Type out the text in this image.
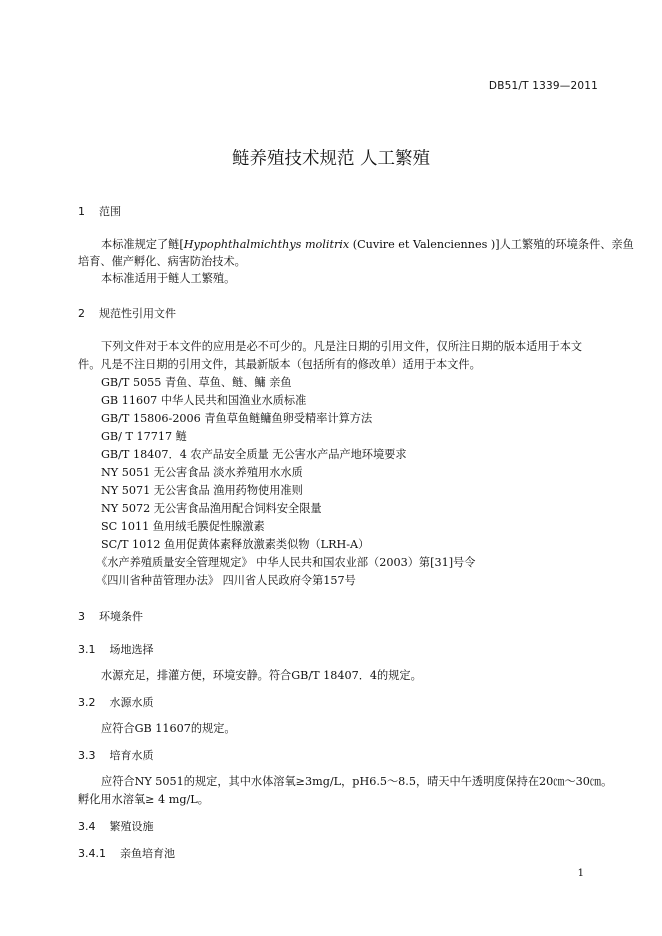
DB51/T 1339—2011
鲢养殖技术规范 人工繁殖
1 范围
本标准规定了鲢[Hypophthalmichthys molitrix (Cuvire et Valenciennes )]人工繁殖的环境条件、亲鱼
培育、催产孵化、病害防治技术。
本标准适用于鲢人工繁殖。
2 规范性引用文件
下列文件对于本文件的应用是必不可少的。凡是注日期的引用文件，仅所注日期的版本适用于本文
件。凡是不注日期的引用文件，其最新版本（包括所有的修改单）适用于本文件。
GB/T 5055 青鱼、草鱼、鲢、鳙 亲鱼
GB 11607 中华人民共和国渔业水质标准
GB/T 15806-2006 青鱼草鱼鲢鳙鱼卵受精率计算方法
GB/ T 17717 鲢
GB/T 18407．4 农产品安全质量 无公害水产品产地环境要求
NY 5051 无公害食品 淡水养殖用水水质
NY 5071 无公害食品 渔用药物使用准则
NY 5072 无公害食品渔用配合饲料安全限量
SC 1011 鱼用绒毛膜促性腺激素
SC/T 1012 鱼用促黄体素释放激素类似物（LRH-A）
《水产养殖质量安全管理规定》 中华人民共和国农业部（2003）第[31]号令
《四川省种苗管理办法》 四川省人民政府令第157号
3 环境条件
3.1 场地选择
水源充足，排灌方便，环境安静。符合GB/T 18407．4的规定。
3.2 水源水质
应符合GB 11607的规定。
3.3 培育水质
应符合NY 5051的规定，其中水体溶氧≥3mg/L，pH6.5～8.5，晴天中午透明度保持在20㎝～30㎝。
孵化用水溶氧≥ 4 mg/L。
3.4 繁殖设施
3.4.1 亲鱼培育池
1
